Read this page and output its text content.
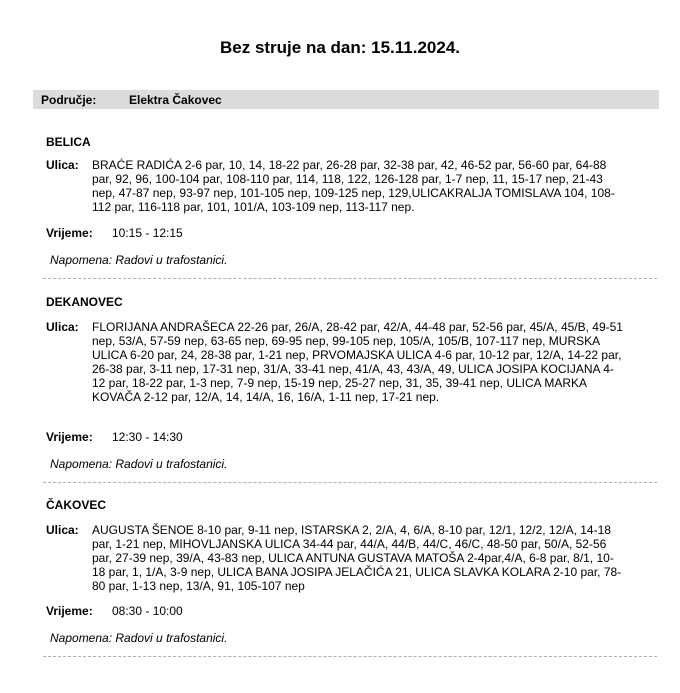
Bez struje na dan: 15.11.2024.
Područje:	Elektra Čakovec
BELICA
Ulica: BRAĆE RADIĆA 2-6 par, 10, 14, 18-22 par, 26-28 par, 32-38 par, 42, 46-52 par, 56-60 par, 64-88 par, 92, 96, 100-104 par, 108-110 par, 114, 118, 122, 126-128 par, 1-7 nep, 11, 15-17 nep, 21-43 nep, 47-87 nep, 93-97 nep, 101-105 nep, 109-125 nep, 129,ULICAKRALJA TOMISLAVA 104, 108-112 par, 116-118 par, 101, 101/A, 103-109 nep, 113-117 nep.
Vrijeme: 10:15 - 12:15
Napomena: Radovi u trafostanici.
DEKANOVEC
Ulica: FLORIJANA ANDRAŠECA 22-26 par, 26/A, 28-42 par, 42/A, 44-48 par, 52-56 par, 45/A, 45/B, 49-51 nep, 53/A, 57-59 nep, 63-65 nep, 69-95 nep, 99-105 nep, 105/A, 105/B, 107-117 nep, MURSKA ULICA 6-20 par, 24, 28-38 par, 1-21 nep, PRVOMAJSKA ULICA 4-6 par, 10-12 par, 12/A, 14-22 par, 26-38 par, 3-11 nep, 17-31 nep, 31/A, 33-41 nep, 41/A, 43, 43/A, 49, ULICA JOSIPA KOCIJANA 4-12 par, 18-22 par, 1-3 nep, 7-9 nep, 15-19 nep, 25-27 nep, 31, 35, 39-41 nep, ULICA MARKA KOVAČA 2-12 par, 12/A, 14, 14/A, 16, 16/A, 1-11 nep, 17-21 nep.
Vrijeme: 12:30 - 14:30
Napomena: Radovi u trafostanici.
ČAKOVEC
Ulica: AUGUSTA ŠENOE 8-10 par, 9-11 nep, ISTARSKA 2, 2/A, 4, 6/A, 8-10 par, 12/1, 12/2, 12/A, 14-18 par, 1-21 nep, MIHOVLJANSKA ULICA 34-44 par, 44/A, 44/B, 44/C, 46/C, 48-50 par, 50/A, 52-56 par, 27-39 nep, 39/A, 43-83 nep, ULICA ANTUNA GUSTAVA MATOŠA 2-4par,4/A, 6-8 par, 8/1, 10-18 par, 1, 1/A, 3-9 nep, ULICA BANA JOSIPA JELAČIĆA 21, ULICA SLAVKA KOLARA 2-10 par, 78-80 par, 1-13 nep, 13/A, 91, 105-107 nep
Vrijeme: 08:30 - 10:00
Napomena: Radovi u trafostanici.
